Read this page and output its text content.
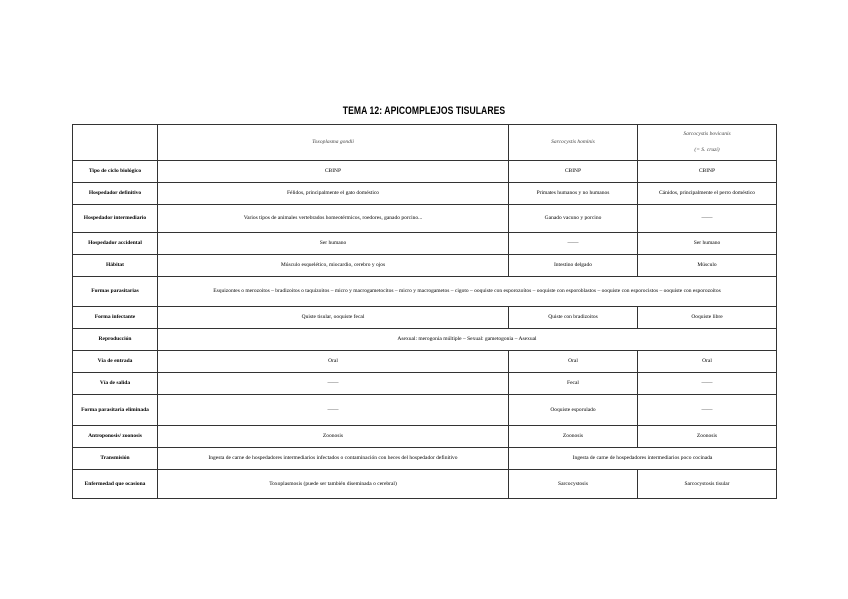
TEMA 12: APICOMPLEJOS TISULARES
	Toxoplasma gondii	Sarcocystis hominis	Sarcocystis bovicanis
(= S. cruzi)

Tipo de ciclo biológico	CBINP	CBINP	CBINP
Hospedador definitivo	Félidos, principalmente el gato doméstico	Primates humanos y no humanos	Cánidos, principalmente el perro doméstico
Hospedador intermediario	Varios tipos de animales vertebrados homeotérmicos, roedores, ganado porcino...	Ganado vacuno y porcino	——
Hospedador accidental	Ser humano	——	Ser humano
Hábitat	Músculo esquelético, miocardio, cerebro y ojos	Intestino delgado	Músculo
Formas parasitarias	Esquizontes o merozoitos – bradizoitos o taquizoitos – micro y macrogametocitos – micro y macrogametos – cigoto – ooquiste con esporozoítos – ooquiste con esporoblastos – ooquiste con esporocistos – ooquiste con esporozoítos		
Forma infectante	Quiste tisular, ooquiste fecal	Quiste con bradizoitos	Ooquiste libre
Reproducción	Asexual: merogonia múltiple – Sexual: gametogonia – Asexual		
Vía de entrada	Oral	Oral	Oral
Vía de salida	——	Fecal	——
Forma parasitaria eliminada	——	Ooquiste esporulado	——
Antroponosis/ zoonosis	Zoonosis	Zoonosis	Zoonosis
Transmisión	Ingesta de carne de hospedadores intermediarios infectados o contaminación con heces del hospedador definitivo	Ingesta de carne de hospedadores intermediarios poco cocinada	
Enfermedad que ocasiona	Toxoplasmosis (puede ser también diseminada o cerebral)	Sarcocystosis	Sarcocystosis tisular
